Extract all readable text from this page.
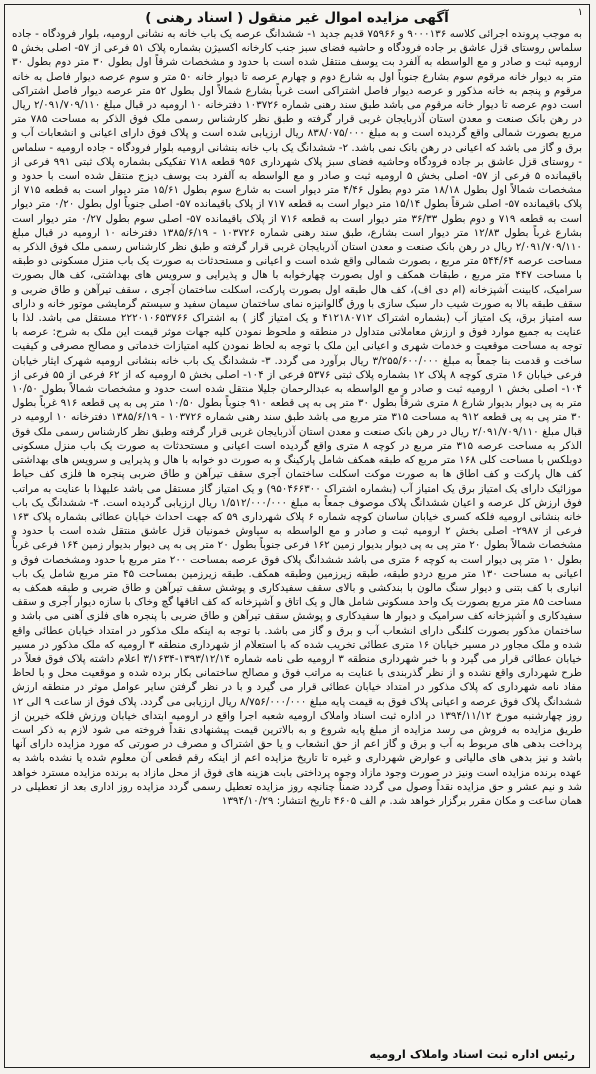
۱
آگهی مزایده اموال غیر منقول ( اسناد رهنی )
به موجب پرونده اجرائی کلاسه ۹۰۰۰۱۳۶ و ۷۵۹۶۶ قدیم جدید ۱- ششدانگ عرصه یک باب خانه به نشانی ارومیه، بلوار فرودگاه - جاده سلماس روستای قزل عاشق بر جاده فرودگاه و حاشیه فضای سبز جنب کارخانه اکسیژن بشماره پلاک ۵۱ فرعی از ۵۷- اصلی بخش ۵ ارومیه ثبت و صادر و مع الواسطه به آلفرد بت یوسف منتقل شده است با حدود و مشخصات شرقاً اول بطول ۳۰ متر دوم بطول ۳۰ متر به دیوار خانه مرقوم سوم بشارع جنوباً اول به شارع دوم و چهارم عرصه تا دیوار خانه ۵۰ متر و سوم عرصه دیوار فاصل به خانه مرقوم و پنجم به خانه مذکور و عرصه دیوار فاصل اشتراکی است غرباً بشارع شمالاً اول بطول ۵۲ متر عرصه دیوار فاصل اشتراکی است دوم عرصه تا دیوار خانه مرقوم می باشد طبق سند رهنی شماره ۱۰۳۷۲۶ دفترخانه ۱۰ ارومیه در قبال مبلغ ۲/۰۹۱/۷۰۹/۱۱۰ ریال در رهن بانک صنعت و معدن استان آذربایجان غربی قرار گرفته و طبق نظر کارشناس رسمی ملک فوق الذکر به مساحت ۷۸۵ متر مربع بصورت شمالی واقع گردیده است و به مبلغ ۸۳۸/۰۷۵/۰۰۰ ریال ارزیابی شده است و پلاک فوق دارای اعیانی و انشعابات آب و برق و گاز می باشد که اعیانی در رهن بانک نمی باشد. ۲- ششدانگ یک باب خانه بنشانی ارومیه بلوار فرودگاه - جاده ارومیه - سلماس - روستای قزل عاشق بر جاده فرودگاه وحاشیه فضای سبز پلاک شهرداری ۹۵۶ قطعه ۷۱۸ تفکیکی بشماره پلاک ثبتی ۹۹۱ فرعی از باقیمانده ۵ فرعی از ۵۷- اصلی بخش ۵ ارومیه ثبت و صادر و مع الواسطه به آلفرد بت یوسف دیزج منتقل شده است با حدود و مشخصات شمالاً اول بطول ۱۸/۱۸ متر دوم بطول ۴/۴۶ متر دیوار است به شارع سوم بطول ۱۵/۶۱ متر دیوار است به قطعه ۷۱۵ از پلاک باقیمانده ۵۷- اصلی شرقاً بطول ۱۵/۱۴ متر دیوار است به قطعه ۷۱۷ از پلاک باقیمانده ۵۷- اصلی جنوباً اول بطول ۰/۲۰ متر دیوار است به قطعه ۷۱۹ و دوم بطول ۳۶/۳۳ متر دیوار است به قطعه ۷۱۶ از پلاک باقیمانده ۵۷- اصلی سوم بطول ۰/۲۷ متر دیوار است بشارع غرباً بطول ۱۲/۸۳ متر دیوار است بشارع، طبق سند رهنی شماره ۱۰۳۷۲۶ - ۱۳۸۵/۶/۱۹ دفترخانه ۱۰ ارومیه در قبال مبلغ ۲/۰۹۱/۷۰۹/۱۱۰ ریال در رهن بانک صنعت و معدن استان آذربایجان غربی قرار گرفته و طبق نظر کارشناس رسمی ملک فوق الذکر به مساحت عرصه ۵۴۴/۶۴ متر مربع ، بصورت شمالی واقع شده است و اعیانی و مستحدثات به صورت یک باب منزل مسکونی دو طبقه با مساحت ۴۴۷ متر مربع ، طبقات همکف و اول بصورت چهارخوابه با هال و پذیرایی و سرویس های بهداشتی، کف هال بصورت سرامیک، کابینت آشپزخانه (ام دی اف)، کف هال طبقه اول بصورت پارکت، اسکلت ساختمان آجری ، سقف تیرآهن و طاق ضربی و سقف طبقه بالا به صورت شیب دار سبک سازی با ورق گالوانیزه نمای ساختمان سیمان سفید و سیستم گرمایشی موتور خانه و دارای سه امتیاز برق، یک امتیاز آب (بشماره اشتراک ۴۱۲۱۸۰۷۱۲ و یک امتیاز گاز ) به اشتراک ۲۲۲۰۱۰۶۵۳۷۶۶ مستقل می باشد. لذا با عنایت به جمیع موارد فوق و ارزش معاملاتی متداول در منطقه و ملحوظ نمودن کلیه جهات موثر قیمت این ملک به شرح: عرصه با توجه به مساحت موقعیت و خدمات شهری و اعیانی این ملک با توجه به لحاظ نمودن کلیه امتیازات خدماتی و مصالح مصرفی و کیفیت ساخت و قدمت بنا جمعاً به مبلغ ۳/۲۵۵/۶۰۰/۰۰۰ ریال برآورد می گردد. ۳- ششدانگ یک باب خانه بنشانی ارومیه شهرک ایثار خیابان فرعی خیابان ۱۶ متری کوچه ۸ پلاک ۱۲ بشماره پلاک ثبتی ۵۳۷۶ فرعی از ۱۰۴- اصلی بخش ۵ ارومیه که از ۶۲ فرعی از ۵۵ فرعی از ۱۰۴- اصلی بخش ۱ ارومیه ثبت و صادر و مع الواسطه به عبدالرحمان جلیلا منتقل شده است حدود و مشخصات شمالاً بطول ۱۰/۵۰ متر به پی دیوار بدیوار شارع ۸ متری شرقاً بطول ۳۰ متر پی به پی قطعه ۹۱۰ جنوباً بطول ۱۰/۵۰ متر پی به پی قطعه ۹۱۶ غرباً بطول ۳۰ متر پی به پی قطعه ۹۱۲ به مساحت ۳۱۵ متر مربع می باشد طبق سند رهنی شماره ۱۰۳۷۲۶ - ۱۳۸۵/۶/۱۹ دفترخانه ۱۰ ارومیه در قبال مبلغ ۲/۰۹۱/۷۰۹/۱۱۰ ریال در رهن بانک صنعت و معدن استان آذربایجان غربی قرار گرفته وطبق نظر کارشناس رسمی ملک فوق الذکر به مساحت عرصه ۳۱۵ متر مربع در کوچه ۸ متری واقع گردیده است اعیانی و مستحدثات به صورت یک باب منزل مسکونی دوبلکس با مساحت کلی ۱۶۸ متر مربع که طبقه همکف شامل پارکینگ و به صورت دو خوابه با هال و پذیرایی و سرویس های بهداشتی کف هال پارکت و کف اطاق ها به صورت موکت اسکلت ساختمان آجری سقف تیرآهن و طاق ضربی پنجره ها فلزی کف حیاط موزائیک دارای یک امتیاز برق یک امتیاز آب (بشماره اشتراک ۹۵۰۴۶۶۳۰۰) و یک امتیاز گاز مستقل می باشد علیهذا با عنایت به مراتب فوق ارزش کل عرصه و اعیان ششدانگ پلاک موصوف جمعاً به مبلغ ۱/۵۱۲/۰۰۰/۰۰۰ ریال ارزیابی گردیده است. ۴- ششدانگ یک باب خانه بنشانی ارومیه فلکه کسری خیابان ساسان کوچه شماره ۶ پلاک شهرداری ۵۹ که جهت احداث خیابان عطائی بشماره پلاک ۱۶۳ فرعی از ۲۹۸۷- اصلی بخش ۲ ارومیه ثبت و صادر و مع الواسطه به سیاوش خمونیان قزل عاشق منتقل شده است با حدود و مشخصات شمالاً بطول ۲۰ متر پی به پی دیوار بدیوار زمین ۱۶۲ فرعی جنوباً بطول ۲۰ متر پی به پی دیوار بدیوار زمین ۱۶۴ فرعی غرباً بطول ۱۰ متر پی دیوار است به کوچه ۶ متری می باشد ششدانگ پلاک فوق عرصه بمساحت ۲۰۰ متر مربع با حدود ومشخصات فوق و اعیانی به مساحت ۱۳۰ متر مربع دردو طبقه، طبقه زیرزمین وطبقه همکف. طبقه زیرزمین بمساحت ۴۵ متر مربع شامل یک باب انباری با کف بتنی و دیوار سنگ مالون با بندکشی و بالای سقف سفیدکاری و پوشش سقف تیرآهن و طاق ضربی و طبقه همکف به مساحت ۸۵ متر مربع بصورت یک واحد مسکونی شامل هال و یک اتاق و آشپزخانه که کف اتاقها گچ وخاک با سازه دیوار آجری و سقف سفیدکاری و آشپزخانه کف سرامیک و دیوار ها سفیدکاری و پوشش سقف تیرآهن و طاق ضربی با پنجره های فلزی آهنی می باشد و ساختمان مذکور بصورت کلنگی دارای انشعاب آب و برق و گاز می باشد. با توجه به اینکه ملک مذکور در امتداد خیابان عطائی واقع شده و ملک مجاور در مسیر خیابان ۱۶ متری عطائی تخریب شده که با استعلام از شهرداری منطقه ۳ ارومیه که ملک مذکور در مسیر خیابان عطائی قرار می گیرد و با خبر شهرداری منطقه ۳ ارومیه طی نامه شماره ۱۳۹۳/۱۲/۱۴-۳/۱۶۳۴ اعلام داشته پلاک فوق فعلاً در طرح شهرداری واقع نشده و از نظر گذربندی با عنایت به مراتب فوق و مصالح ساختمانی بکار برده شده و موقعیت محل و با لحاظ مفاد نامه شهرداری که پلاک مذکور در امتداد خیابان عطائی قرار می گیرد و با در نظر گرفتن سایر عوامل موثر در منطقه ارزش ششدانگ پلاک فوق عرصه و اعیانی پلاک فوق به قیمت پایه مبلغ ۸/۷۵۶/۰۰۰/۰۰۰ ریال ارزیابی می گردد. پلاک فوق از ساعت ۹ الی ۱۲ روز چهارشنبه مورخ ۱۳۹۴/۱۱/۱۲ در اداره ثبت اسناد واملاک ارومیه شعبه اجرا واقع در ارومیه ابتدای خیابان ورزش فلکه خیرین از طریق مزایده به فروش می رسد مزایده از مبلغ پایه شروع و به بالاترین قیمت پیشنهادی نقداً فروخته می شود لازم به ذکر است پرداخت بدهی های مربوط به آب و برق و گاز اعم از حق انشعاب و یا حق اشتراک و مصرف در صورتی که مورد مزایده دارای آنها باشد و نیز بدهی های مالیاتی و عوارض شهرداری و غیره تا تاریخ مزایده اعم از اینکه رقم قطعی آن معلوم شده یا نشده باشد به عهده برنده مزایده است ونیز در صورت وجود مازاد وجوه پرداختی بابت هزینه های فوق از محل مازاد به برنده مزایده مسترد خواهد شد و نیم عشر و حق مزایده نقداً وصول می گردد ضمناً چنانچه روز مزایده تعطیل رسمی گردد مزایده روز اداری بعد از تعطیلی در همان ساعت و مکان مقرر برگزار خواهد شد. م الف ۴۶۰۵ تاریخ انتشار: ۱۳۹۴/۱۰/۲۹
رئیس اداره ثبت اسناد واملاک ارومیه
